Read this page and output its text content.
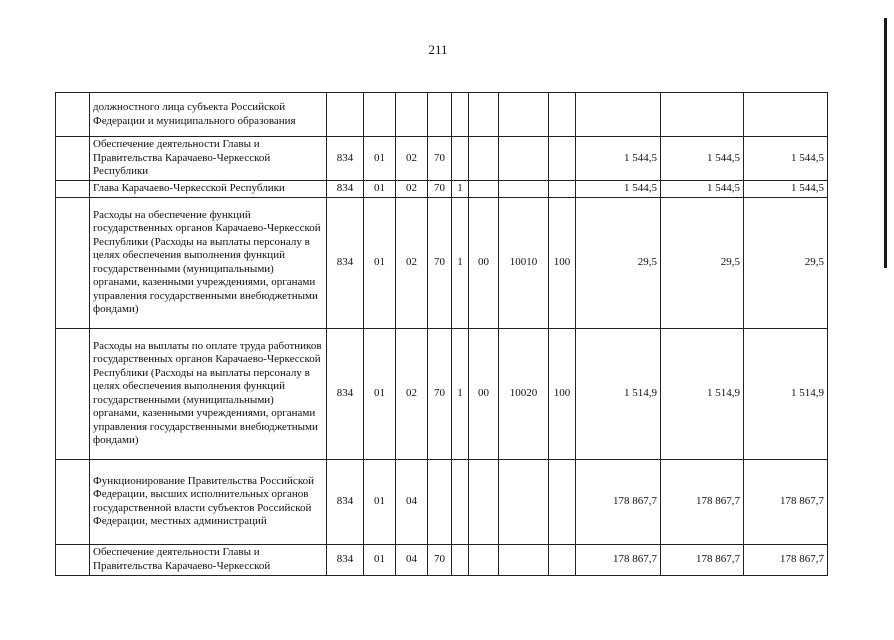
211
	должностного лица субъекта Российской Федерации и муниципального образования											
	Обеспечение деятельности Главы и Правительства Карачаево-Черкесской Республики	834	01	02	70					1 544,5	1 544,5	1 544,5
	Глава Карачаево-Черкесской Республики	834	01	02	70	1				1 544,5	1 544,5	1 544,5
	Расходы на обеспечение функций государственных органов Карачаево-Черкесской Республики (Расходы на выплаты персоналу в целях обеспечения выполнения функций государственными (муниципальными) органами, казенными учреждениями, органами управления государственными внебюджетными фондами)	834	01	02	70	1	00	10010	100	29,5	29,5	29,5
	Расходы на выплаты по оплате труда работников государственных органов Карачаево-Черкесской Республики (Расходы на выплаты персоналу в целях обеспечения выполнения функций государственными (муниципальными) органами, казенными учреждениями, органами управления государственными внебюджетными фондами)	834	01	02	70	1	00	10020	100	1 514,9	1 514,9	1 514,9
	Функционирование Правительства Российской Федерации, высших исполнительных органов государственной власти субъектов Российской Федерации, местных администраций	834	01	04						178 867,7	178 867,7	178 867,7
	Обеспечение деятельности Главы и Правительства Карачаево-Черкесской	834	01	04	70					178 867,7	178 867,7	178 867,7
